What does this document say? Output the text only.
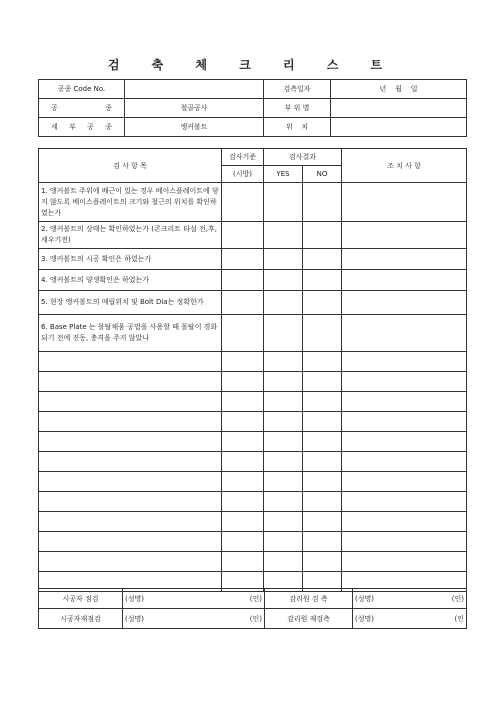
검 축 체 크 리 스 트
공종 Code No.		검측일자	년    월    일
공 종	철골공사	부 위 별	
세 부 공 종	앵커볼트	위 치	
검 사 항 목	검사기준	검사결과		조 치 사 항
	(시방)	YES	NO	
1. 앵커볼트 주위에 배근이 있는 경우 베이스플레이트에 닿지 않도록 베이스플레이트의 크기와 철근의 위치를 확인하였는가				
2. 앵커볼트의 상태는 확인하였는가 (콘크리트 타설 전,후, 세우기전)				
3. 앵커볼트의 시공 확인은 하였는가				
4. 앵커볼트의 양생확인은 하였는가				
5. 현장 앵커볼트의 매립위치 및 Bolt Dia는 정확한가				
6. Base Plate 는 몰탈채움 공법을 사용할 때 몰탈이 경화되기 전에 진동, 충격을 주지 않았나				

시공자 점검	(성명)	(인)	감리원 검 측	(성명) (인)

시공자재점검	(성명)	(인)	감리원 재검측	(성명) (인
